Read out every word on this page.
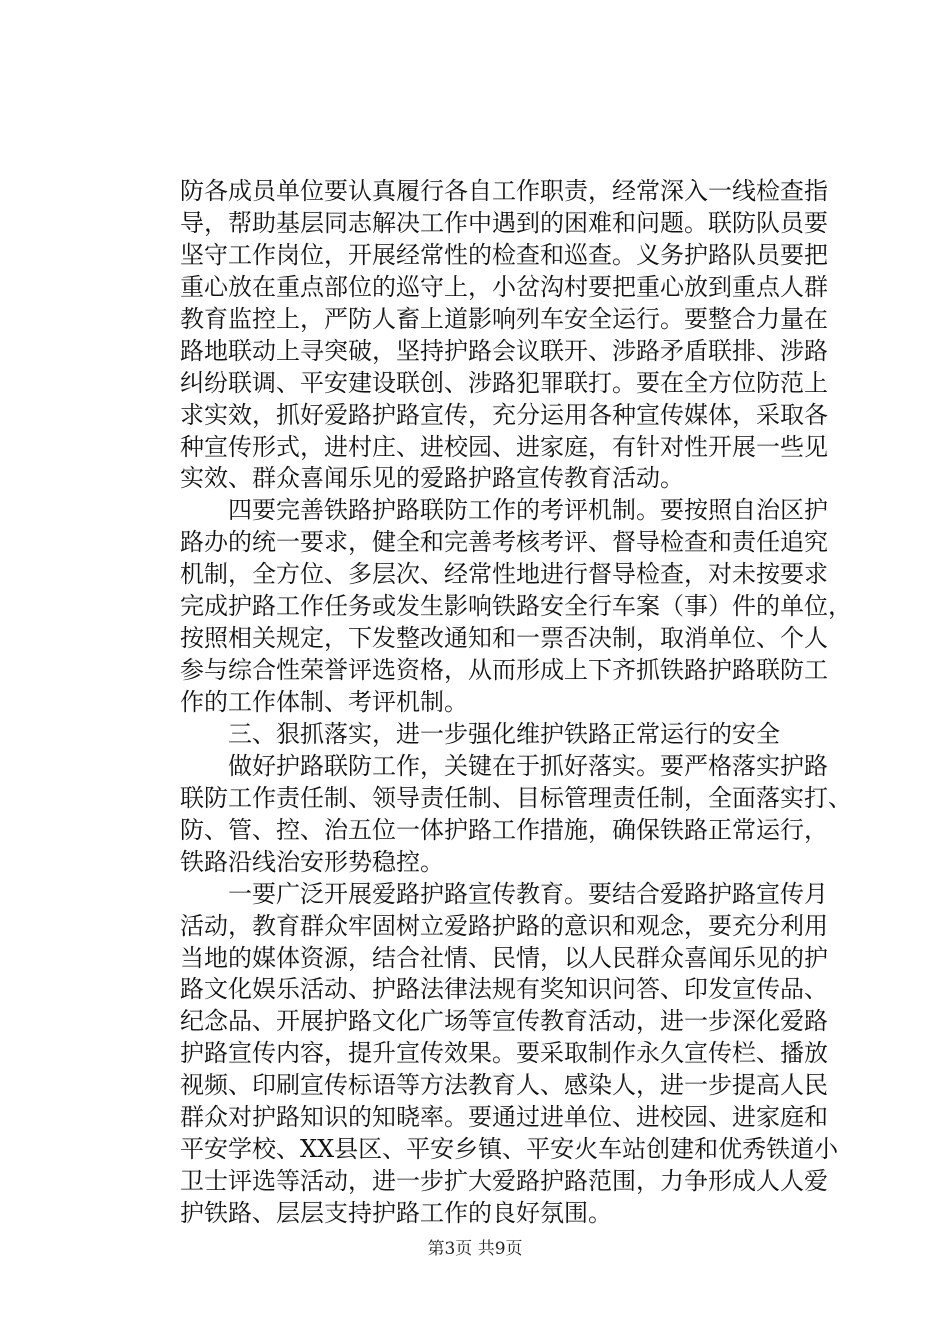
防各成员单位要认真履行各自工作职责，经常深入一线检查指
导，帮助基层同志解决工作中遇到的困难和问题。联防队员要
坚守工作岗位，开展经常性的检查和巡查。义务护路队员要把
重心放在重点部位的巡守上，小岔沟村要把重心放到重点人群
教育监控上，严防人畜上道影响列车安全运行。要整合力量在
路地联动上寻突破，坚持护路会议联开、涉路矛盾联排、涉路
纠纷联调、平安建设联创、涉路犯罪联打。要在全方位防范上
求实效，抓好爱路护路宣传，充分运用各种宣传媒体，采取各
种宣传形式，进村庄、进校园、进家庭，有针对性开展一些见
实效、群众喜闻乐见的爱路护路宣传教育活动。
　　四要完善铁路护路联防工作的考评机制。要按照自治区护
路办的统一要求，健全和完善考核考评、督导检查和责任追究
机制，全方位、多层次、经常性地进行督导检查，对未按要求
完成护路工作任务或发生影响铁路安全行车案（事）件的单位，
按照相关规定，下发整改通知和一票否决制，取消单位、个人
参与综合性荣誉评选资格，从而形成上下齐抓铁路护路联防工
作的工作体制、考评机制。
　　三、狠抓落实，进一步强化维护铁路正常运行的安全
　　做好护路联防工作，关键在于抓好落实。要严格落实护路
联防工作责任制、领导责任制、目标管理责任制，全面落实打、
防、管、控、治五位一体护路工作措施，确保铁路正常运行，
铁路沿线治安形势稳控。
　　一要广泛开展爱路护路宣传教育。要结合爱路护路宣传月
活动，教育群众牢固树立爱路护路的意识和观念，要充分利用
当地的媒体资源，结合社情、民情，以人民群众喜闻乐见的护
路文化娱乐活动、护路法律法规有奖知识问答、印发宣传品、
纪念品、开展护路文化广场等宣传教育活动，进一步深化爱路
护路宣传内容，提升宣传效果。要采取制作永久宣传栏、播放
视频、印刷宣传标语等方法教育人、感染人，进一步提高人民
群众对护路知识的知晓率。要通过进单位、进校园、进家庭和
平安学校、XX县区、平安乡镇、平安火车站创建和优秀铁道小
卫士评选等活动，进一步扩大爱路护路范围，力争形成人人爱
护铁路、层层支持护路工作的良好氛围。
第3页 共9页
